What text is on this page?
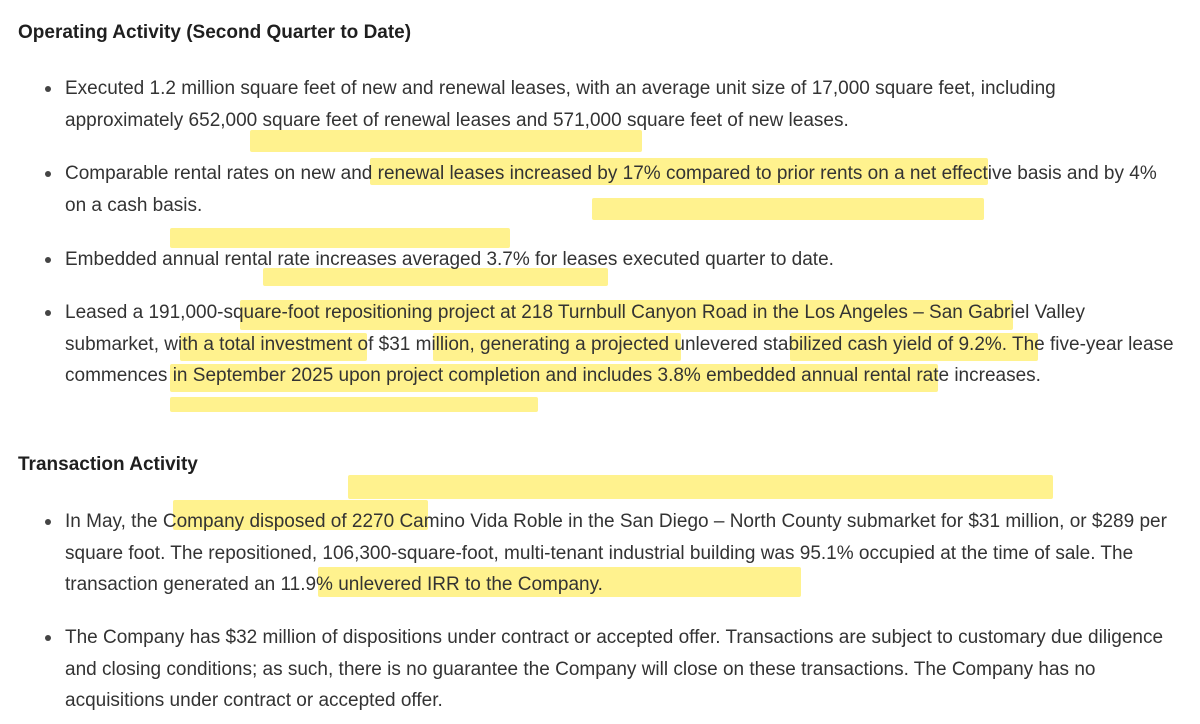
Operating Activity (Second Quarter to Date)
Executed 1.2 million square feet of new and renewal leases, with an average unit size of 17,000 square feet, including approximately 652,000 square feet of renewal leases and 571,000 square feet of new leases.
Comparable rental rates on new and renewal leases increased by 17% compared to prior rents on a net effective basis and by 4% on a cash basis.
Embedded annual rental rate increases averaged 3.7% for leases executed quarter to date.
Leased a 191,000-square-foot repositioning project at 218 Turnbull Canyon Road in the Los Angeles – San Gabriel Valley submarket, with a total investment of $31 million, generating a projected unlevered stabilized cash yield of 9.2%. The five-year lease commences in September 2025 upon project completion and includes 3.8% embedded annual rental rate increases.
Transaction Activity
In May, the Company disposed of 2270 Camino Vida Roble in the San Diego – North County submarket for $31 million, or $289 per square foot. The repositioned, 106,300-square-foot, multi-tenant industrial building was 95.1% occupied at the time of sale. The transaction generated an 11.9% unlevered IRR to the Company.
The Company has $32 million of dispositions under contract or accepted offer. Transactions are subject to customary due diligence and closing conditions; as such, there is no guarantee the Company will close on these transactions. The Company has no acquisitions under contract or accepted offer.
